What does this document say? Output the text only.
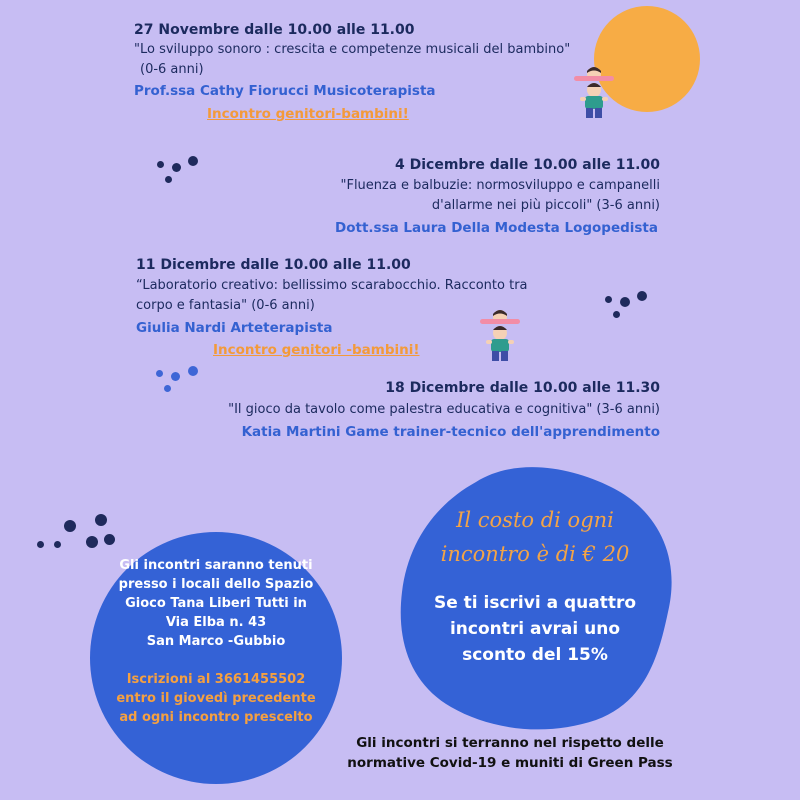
27 Novembre dalle 10.00 alle 11.00
"Lo sviluppo sonoro : crescita e competenze musicali del bambino"
(0-6 anni)
Prof.ssa Cathy Fiorucci Musicoterapista
Incontro genitori-bambini!
4 Dicembre dalle 10.00 alle 11.00
"Fluenza e balbuzie: normosviluppo e campanelli
d'allarme nei più piccoli" (3-6 anni)
Dott.ssa Laura Della Modesta Logopedista
11 Dicembre dalle 10.00 alle 11.00
“Laboratorio creativo: bellissimo scarabocchio. Racconto tra
corpo e fantasia" (0-6 anni)
Giulia Nardi Arteterapista
Incontro genitori -bambini!
18 Dicembre dalle 10.00 alle 11.30
"Il gioco da tavolo come palestra educativa e cognitiva" (3-6 anni)
Katia Martini Game trainer-tecnico dell'apprendimento
Gli incontri saranno tenuti
presso i locali dello Spazio
Gioco Tana Liberi Tutti in
Via Elba n. 43
San Marco -Gubbio
Iscrizioni al 3661455502
entro il giovedì precedente
ad ogni incontro prescelto
Il costo di ogni
incontro è di € 20
Se ti iscrivi a quattro
incontri avrai uno
sconto del 15%
Gli incontri si terranno nel rispetto delle
normative Covid-19 e muniti di Green Pass
